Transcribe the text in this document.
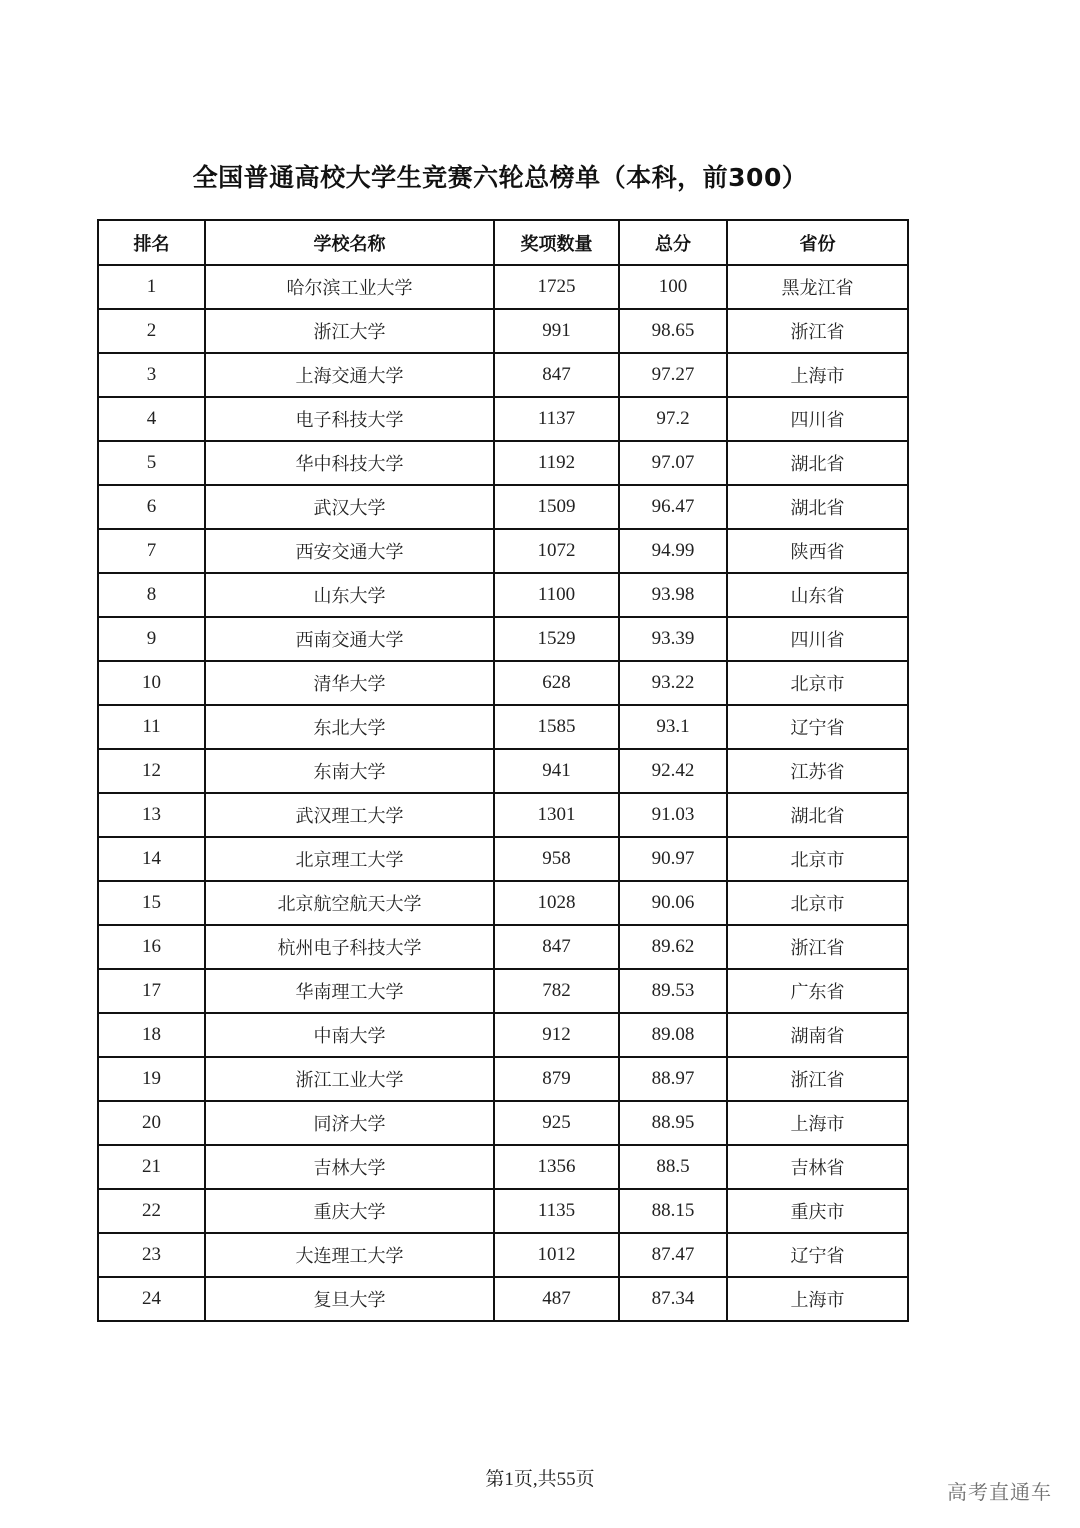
全国普通高校大学生竞赛六轮总榜单（本科，前300）
排名	学校名称	奖项数量	总分	省份
1	哈尔滨工业大学	1725	100	黑龙江省
2	浙江大学	991	98.65	浙江省
3	上海交通大学	847	97.27	上海市
4	电子科技大学	1137	97.2	四川省
5	华中科技大学	1192	97.07	湖北省
6	武汉大学	1509	96.47	湖北省
7	西安交通大学	1072	94.99	陕西省
8	山东大学	1100	93.98	山东省
9	西南交通大学	1529	93.39	四川省
10	清华大学	628	93.22	北京市
11	东北大学	1585	93.1	辽宁省
12	东南大学	941	92.42	江苏省
13	武汉理工大学	1301	91.03	湖北省
14	北京理工大学	958	90.97	北京市
15	北京航空航天大学	1028	90.06	北京市
16	杭州电子科技大学	847	89.62	浙江省
17	华南理工大学	782	89.53	广东省
18	中南大学	912	89.08	湖南省
19	浙江工业大学	879	88.97	浙江省
20	同济大学	925	88.95	上海市
21	吉林大学	1356	88.5	吉林省
22	重庆大学	1135	88.15	重庆市
23	大连理工大学	1012	87.47	辽宁省
24	复旦大学	487	87.34	上海市
第1页,共55页
高考直通车
